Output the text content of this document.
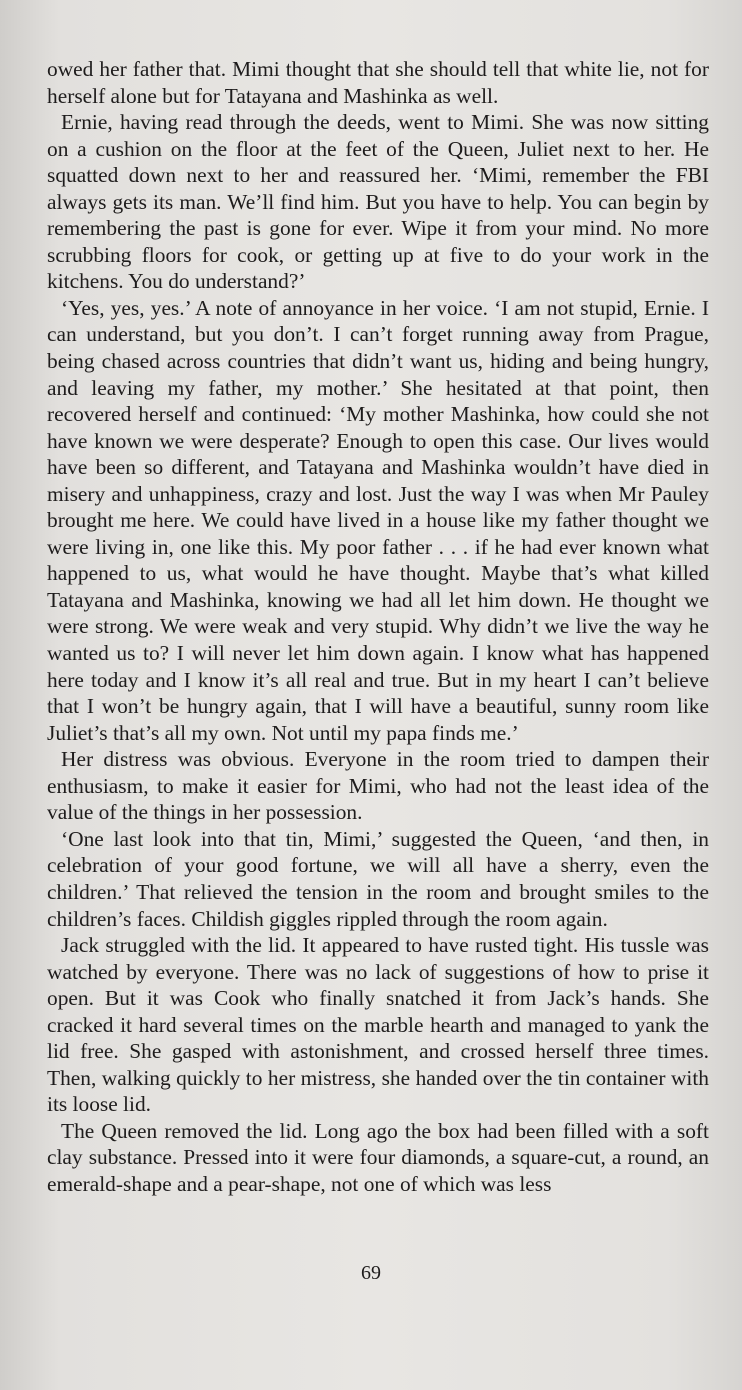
owed her father that. Mimi thought that she should tell that white lie, not for herself alone but for Tatayana and Mashinka as well.

Ernie, having read through the deeds, went to Mimi. She was now sitting on a cushion on the floor at the feet of the Queen, Juliet next to her. He squatted down next to her and reassured her. ‘Mimi, remember the FBI always gets its man. We’ll find him. But you have to help. You can begin by remembering the past is gone for ever. Wipe it from your mind. No more scrubbing floors for cook, or getting up at five to do your work in the kitchens. You do understand?’

‘Yes, yes, yes.’ A note of annoyance in her voice. ‘I am not stupid, Ernie. I can understand, but you don’t. I can’t forget running away from Prague, being chased across countries that didn’t want us, hiding and being hungry, and leaving my father, my mother.’ She hesitated at that point, then recovered herself and continued: ‘My mother Mashinka, how could she not have known we were desperate? Enough to open this case. Our lives would have been so different, and Tatayana and Mashinka wouldn’t have died in misery and unhappiness, crazy and lost. Just the way I was when Mr Pauley brought me here. We could have lived in a house like my father thought we were living in, one like this. My poor father . . . if he had ever known what happened to us, what would he have thought. Maybe that’s what killed Tatayana and Mashinka, knowing we had all let him down. He thought we were strong. We were weak and very stupid. Why didn’t we live the way he wanted us to? I will never let him down again. I know what has happened here today and I know it’s all real and true. But in my heart I can’t believe that I won’t be hungry again, that I will have a beautiful, sunny room like Juliet’s that’s all my own. Not until my papa finds me.’

Her distress was obvious. Everyone in the room tried to dampen their enthusiasm, to make it easier for Mimi, who had not the least idea of the value of the things in her possession.

‘One last look into that tin, Mimi,’ suggested the Queen, ‘and then, in celebration of your good fortune, we will all have a sherry, even the children.’ That relieved the tension in the room and brought smiles to the children’s faces. Childish giggles rippled through the room again.

Jack struggled with the lid. It appeared to have rusted tight. His tussle was watched by everyone. There was no lack of suggestions of how to prise it open. But it was Cook who finally snatched it from Jack’s hands. She cracked it hard several times on the marble hearth and managed to yank the lid free. She gasped with astonishment, and crossed herself three times. Then, walking quickly to her mistress, she handed over the tin container with its loose lid.

The Queen removed the lid. Long ago the box had been filled with a soft clay substance. Pressed into it were four diamonds, a square-cut, a round, an emerald-shape and a pear-shape, not one of which was less

69
